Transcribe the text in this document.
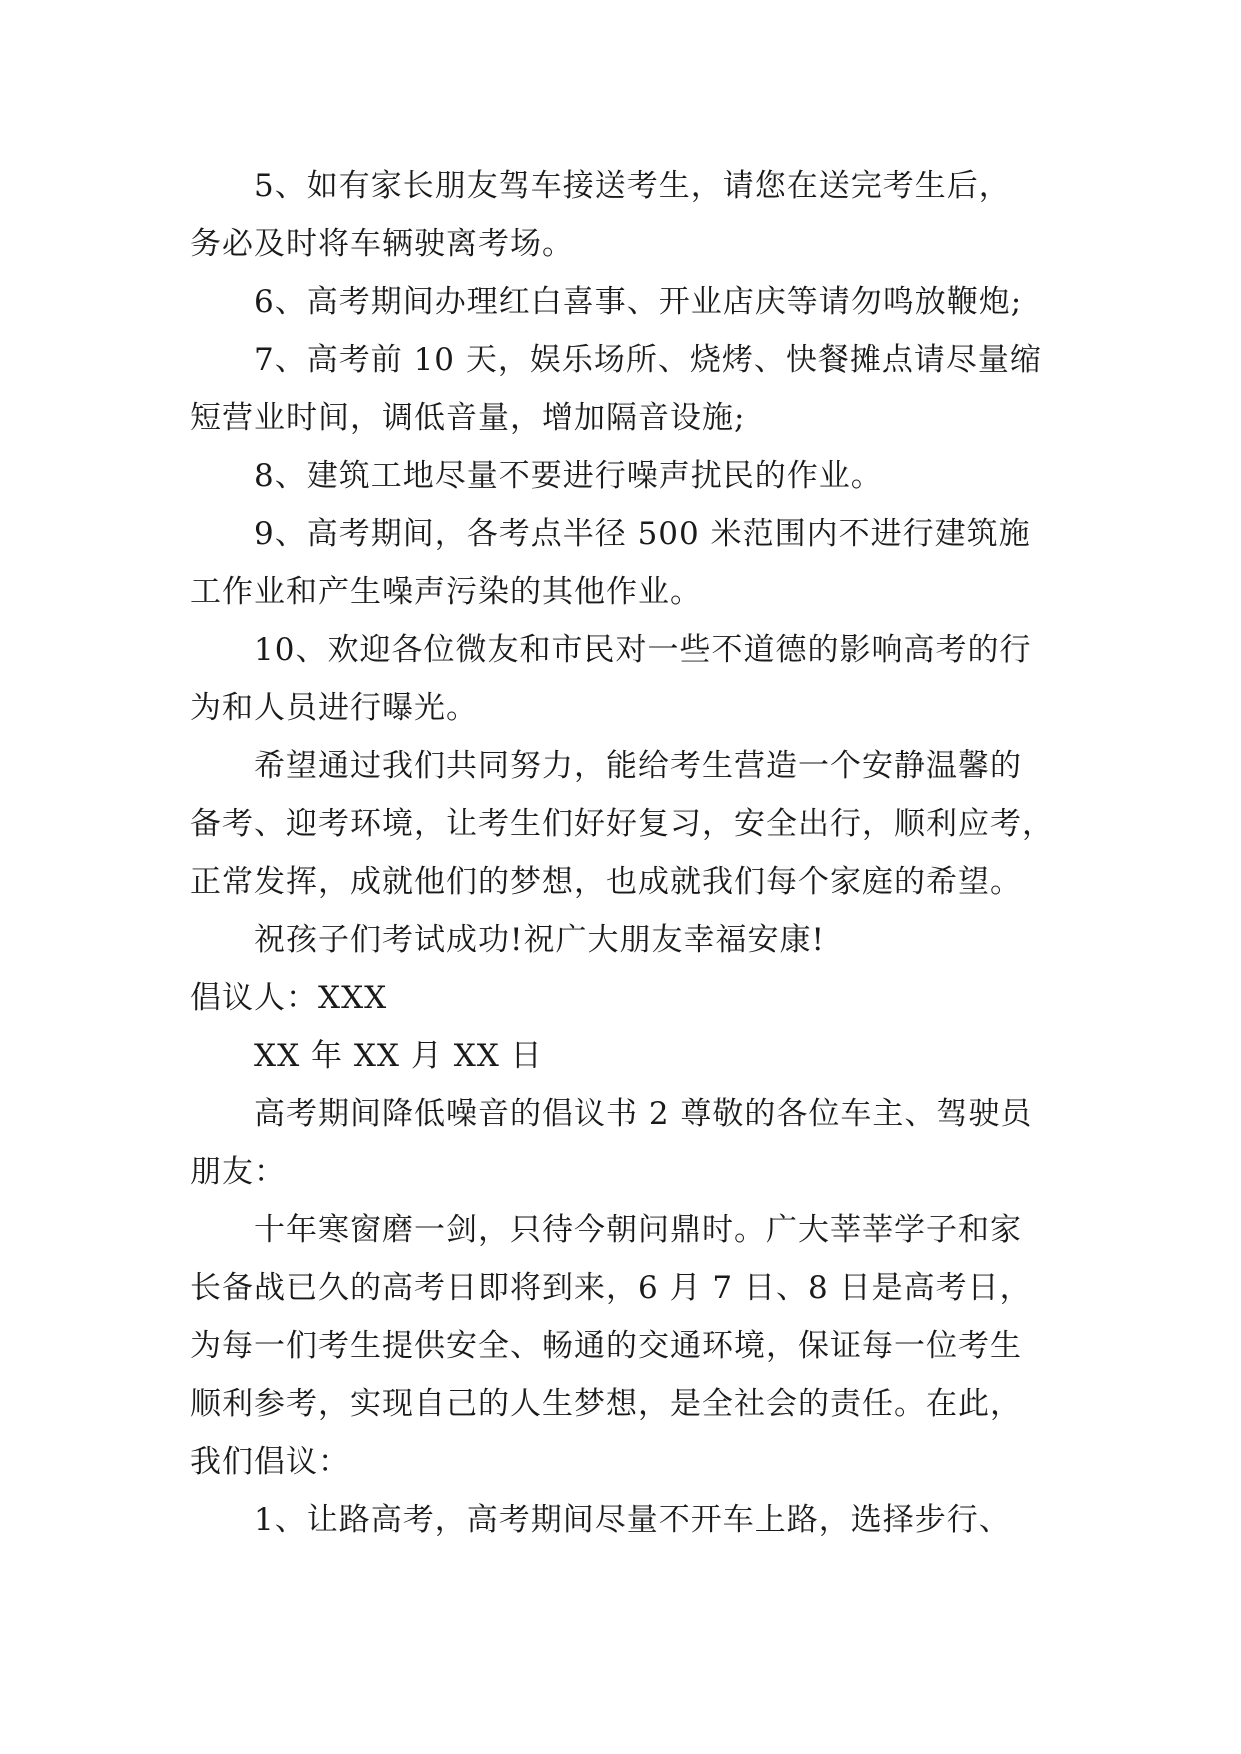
5、如有家长朋友驾车接送考生，请您在送完考生后，
务必及时将车辆驶离考场。
6、高考期间办理红白喜事、开业店庆等请勿鸣放鞭炮;
7、高考前 10 天，娱乐场所、烧烤、快餐摊点请尽量缩
短营业时间，调低音量，增加隔音设施;
8、建筑工地尽量不要进行噪声扰民的作业。
9、高考期间，各考点半径 500 米范围内不进行建筑施
工作业和产生噪声污染的其他作业。
10、欢迎各位微友和市民对一些不道德的影响高考的行
为和人员进行曝光。
希望通过我们共同努力，能给考生营造一个安静温馨的
备考、迎考环境，让考生们好好复习，安全出行，顺利应考，
正常发挥，成就他们的梦想，也成就我们每个家庭的希望。
祝孩子们考试成功!祝广大朋友幸福安康!
倡议人：XXX
XX 年 XX 月 XX 日
高考期间降低噪音的倡议书 2 尊敬的各位车主、驾驶员
朋友：
十年寒窗磨一剑，只待今朝问鼎时。广大莘莘学子和家
长备战已久的高考日即将到来，6 月 7 日、8 日是高考日，
为每一们考生提供安全、畅通的交通环境，保证每一位考生
顺利参考，实现自己的人生梦想，是全社会的责任。在此，
我们倡议：
1、让路高考，高考期间尽量不开车上路，选择步行、
